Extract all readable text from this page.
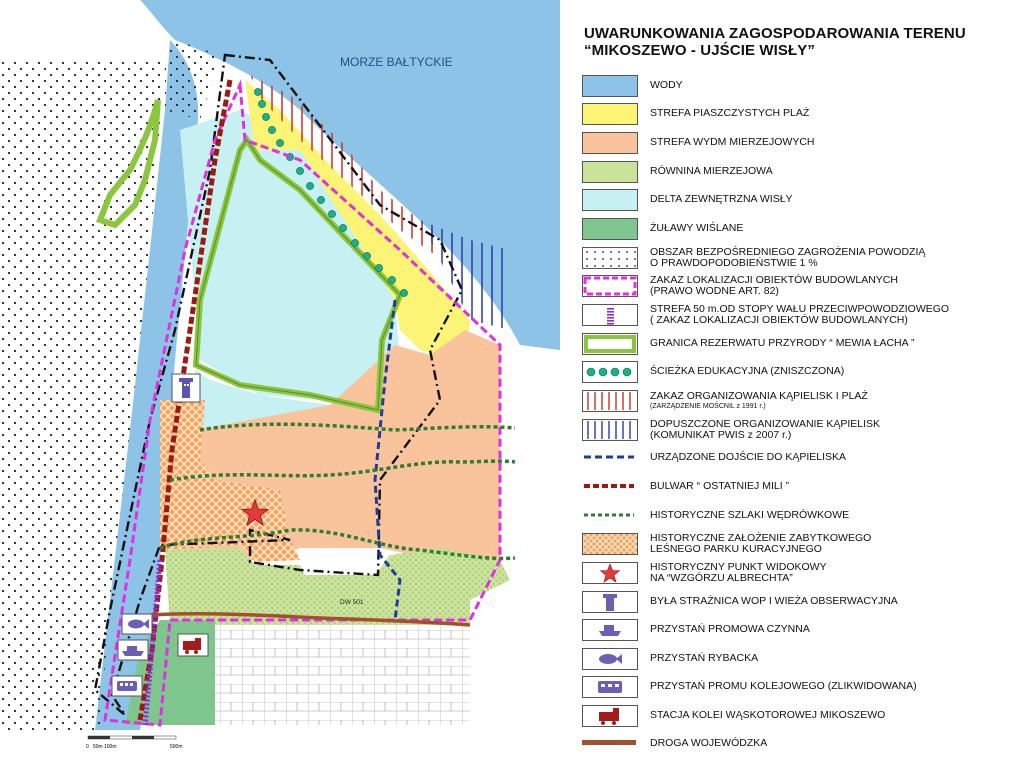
DW 501
MORZE BAŁTYCKIE
0 50m 100m	500m
UWARUNKOWANIA ZAGOSPODAROWANIA TERENU
“MIKOSZEWO - UJŚCIE WISŁY”
WODY
STREFA PIASZCZYSTYCH PLAŻ
STREFA WYDM MIERZEJOWYCH
RÓWNINA MIERZEJOWA
DELTA ZEWNĘTRZNA WISŁY
ŻUŁAWY WIŚLANE
OBSZAR BEZPOŚREDNIEGO ZAGROŻENIA POWODZIĄ
O PRAWDOPODOBIEŃSTWIE 1 %
ZAKAZ LOKALIZACJI OBIEKTÓW BUDOWLANYCH
(PRAWO WODNE ART. 82)
STREFA 50 m.OD STOPY WAŁU PRZECIWPOWODZIOWEGO
( ZAKAZ LOKALIZACJI OBIEKTÓW BUDOWLANYCH)
GRANICA REZERWATU PRZYRODY “ MEWIA ŁACHA ”
ŚCIEŻKA EDUKACYJNA (ZNISZCZONA)
ZAKAZ ORGANIZOWANIA KĄPIELISK I PLAŻ
(ZARZĄDZENIE MOŚCNIL z 1991 r.)
DOPUSZCZONE ORGANIZOWANIE KĄPIELISK
(KOMUNIKAT PWIS z 2007 r.)
URZĄDZONE DOJŚCIE DO KĄPIELISKA
BULWAR “ OSTATNIEJ MILI ”
HISTORYCZNE SZLAKI WĘDRÓWKOWE
HISTORYCZNE ZAŁOŻENIE ZABYTKOWEGO
LEŚNEGO PARKU KURACYJNEGO
HISTORYCZNY PUNKT WIDOKOWY
NA “WZGÓRZU ALBRECHTA”
BYŁA STRAŻNICA WOP I WIEŻA OBSERWACYJNA
PRZYSTAŃ PROMOWA CZYNNA
PRZYSTAŃ RYBACKA
PRZYSTAŃ PROMU KOLEJOWEGO (ZLIKWIDOWANA)
STACJA KOLEI WĄSKOTOROWEJ MIKOSZEWO
DROGA WOJEWÓDZKA
